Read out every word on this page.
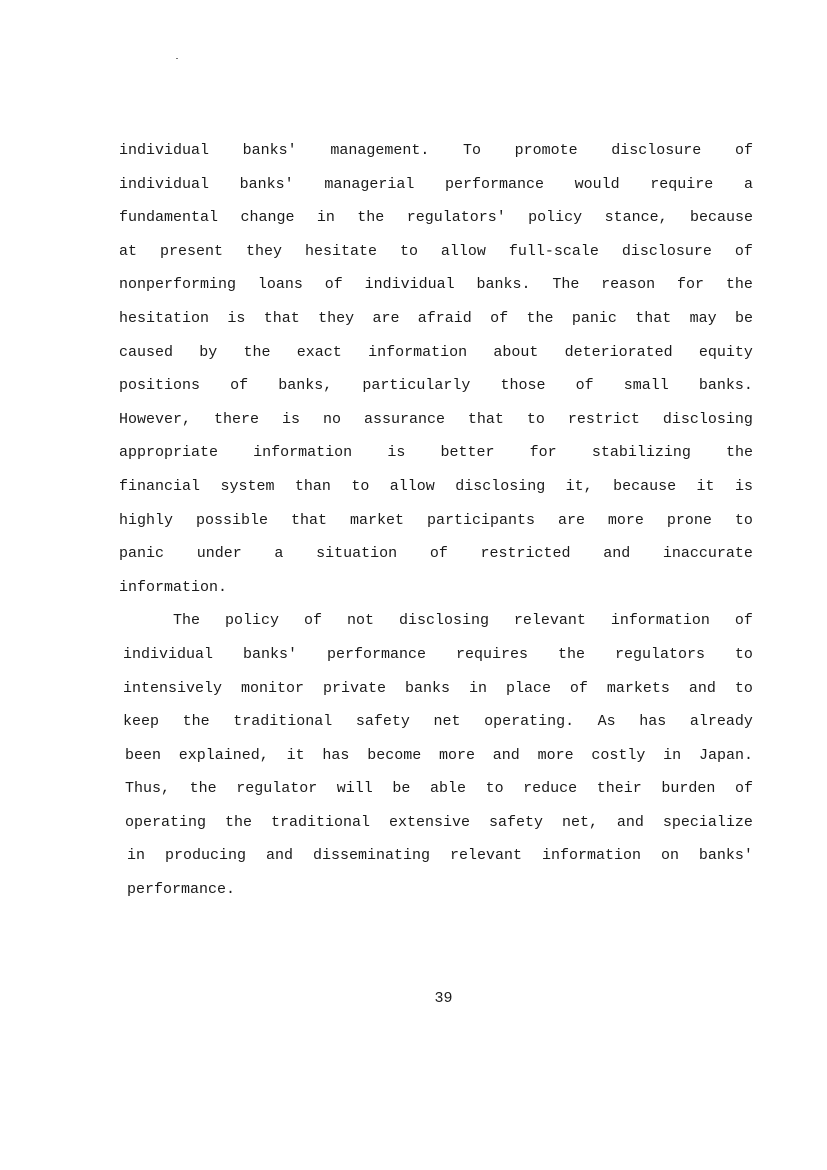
individual banks' management. To promote disclosure of
individual banks' managerial performance would require a
fundamental change in the regulators' policy stance, because
at present they hesitate to allow full-scale disclosure of
nonperforming loans of individual banks. The reason for the
hesitation is that they are afraid of the panic that may be
caused by the exact information about deteriorated equity
positions of banks, particularly those of small banks.
However, there is no assurance that to restrict disclosing
appropriate information is better for stabilizing the
financial system than to allow disclosing it, because it is
highly possible that market participants are more prone to
panic under a situation of restricted and inaccurate
information.
The policy of not disclosing relevant information of
individual banks' performance requires the regulators to
intensively monitor private banks in place of markets and to
keep the traditional safety net operating. As has already
been explained, it has become more and more costly in Japan.
Thus, the regulator will be able to reduce their burden of
operating the traditional extensive safety net, and specialize
in producing and disseminating relevant information on banks'
performance.
39
